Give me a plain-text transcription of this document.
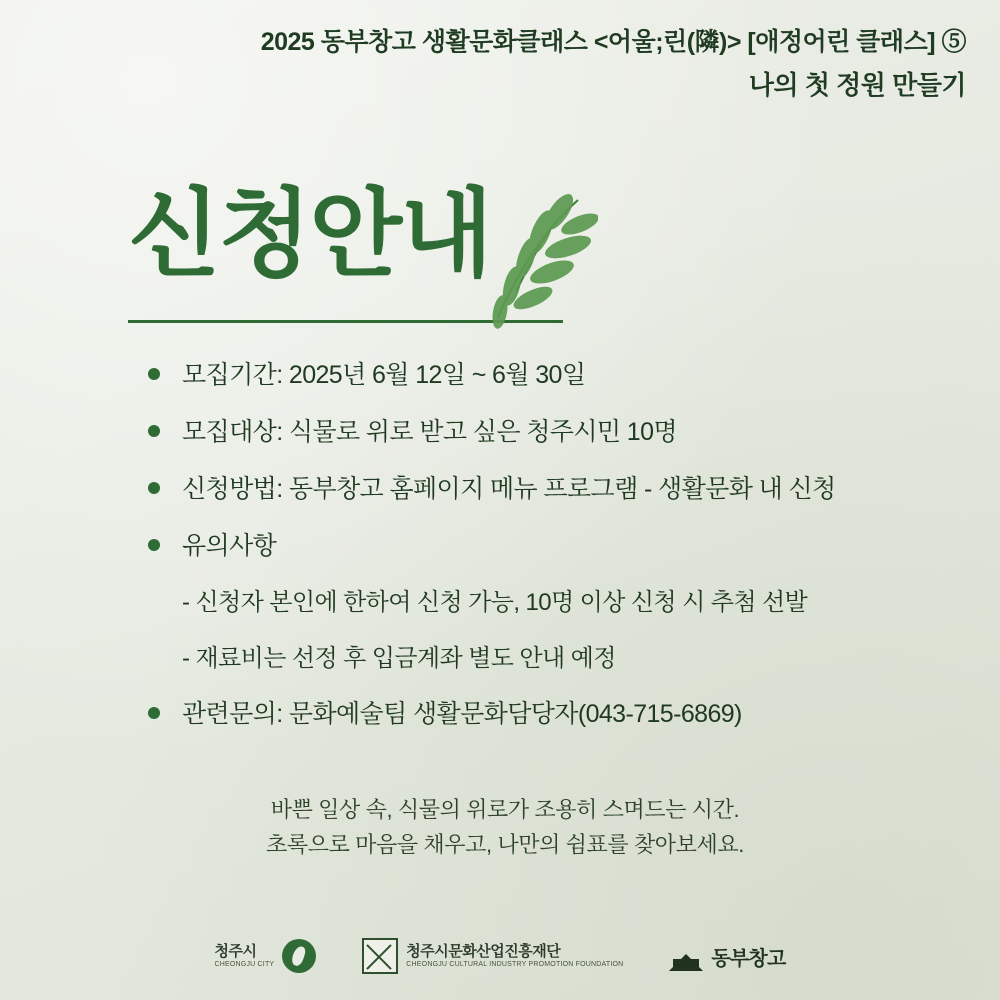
2025 동부창고 생활문화클래스 <어울;린(隣)> [애정어린 클래스] ⑤
나의 첫 정원 만들기
신청안내
모집기간: 2025년 6월 12일 ~ 6월 30일
모집대상: 식물로 위로 받고 싶은 청주시민 10명
신청방법: 동부창고 홈페이지 메뉴 프로그램 - 생활문화 내 신청
유의사항
- 신청자 본인에 한하여 신청 가능, 10명 이상 신청 시 추첨 선발
- 재료비는 선정 후 입금계좌 별도 안내 예정
관련문의: 문화예술팀 생활문화담당자(043-715-6869)
바쁜 일상 속, 식물의 위로가 조용히 스며드는 시간.
초록으로 마음을 채우고, 나만의 쉼표를 찾아보세요.
청주시
CHEONGJU CITY
청주시문화산업진흥재단
CHEONGJU CULTURAL INDUSTRY PROMOTION FOUNDATION	동부창고
